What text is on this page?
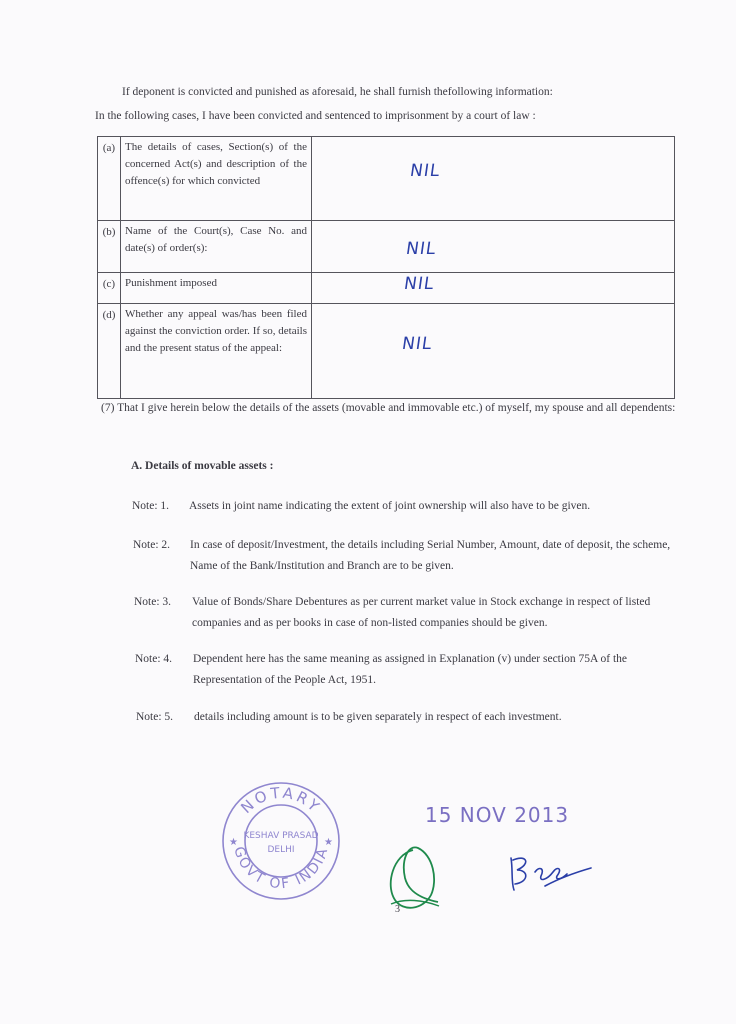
If deponent is convicted and punished as aforesaid, he shall furnish thefollowing information:
In the following cases, I have been convicted and sentenced to imprisonment by a court of law :
(a)	The details of cases, Section(s) of the concerned Act(s) and description of the offence(s) for which convicted	NIL

(b)	Name of the Court(s), Case No. and date(s) of order(s):	NIL

(c)	Punishment imposed	NIL

(d)	Whether any appeal was/has been filed against the conviction order. If so, details and the present status of the appeal:	NIL
(7) That I give herein below the details of the assets (movable and immovable etc.) of myself, my spouse and all dependents:
A. Details of movable assets :
Note: 1. Assets in joint name indicating the extent of joint ownership will also have to be given.
Note: 2. In case of deposit/Investment, the details including Serial Number, Amount, date of deposit, the scheme, Name of the Bank/Institution and Branch are to be given.
Note: 3. Value of Bonds/Share Debentures as per current market value in Stock exchange in respect of listed companies and as per books in case of non-listed companies should be given.
Note: 4. Dependent here has the same meaning as assigned in Explanation (v) under section 75A of the Representation of the People Act, 1951.
Note: 5. details including amount is to be given separately in respect of each investment.
NOTARY
GOVT OF INDIA
KESHAV PRASAD
DELHI
★	★
15 NOV 2013
3
